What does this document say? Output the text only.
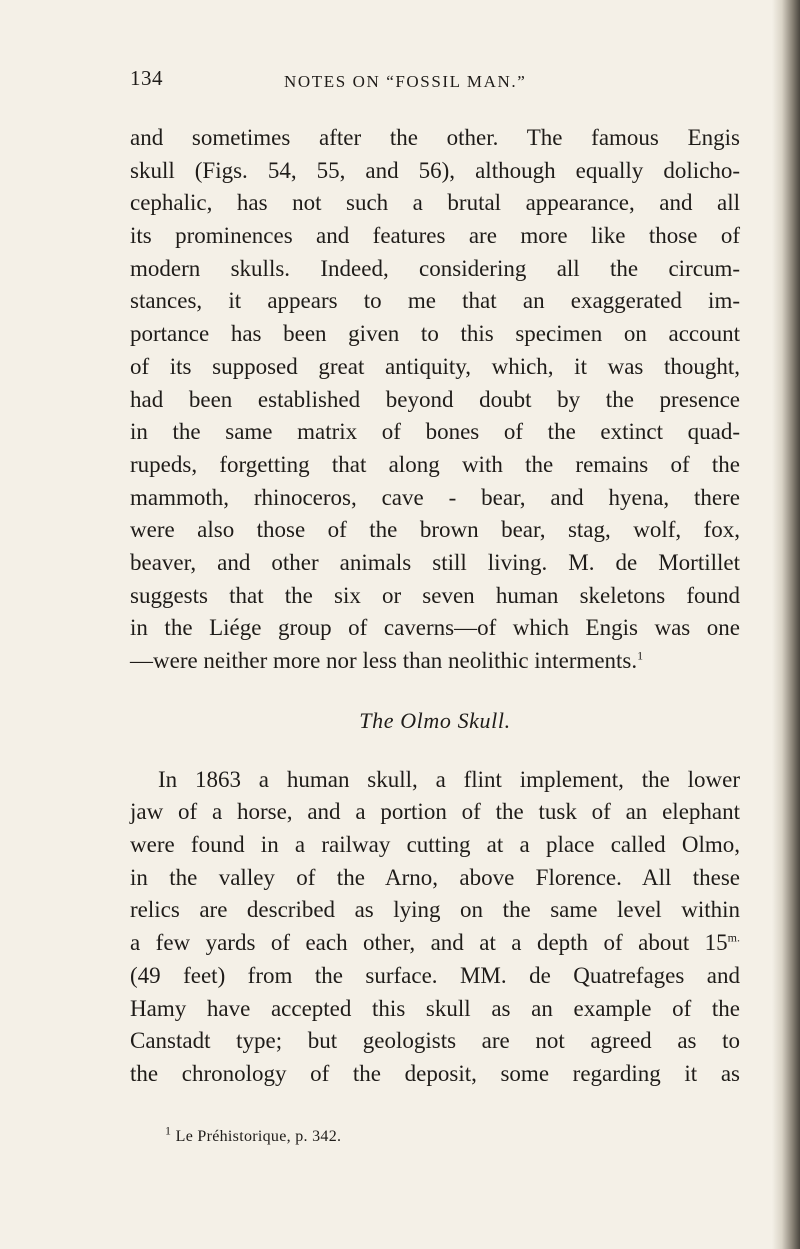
134	NOTES ON “FOSSIL MAN.”
and sometimes after the other. The famous Engis
skull (Figs. 54, 55, and 56), although equally dolicho-
cephalic, has not such a brutal appearance, and all
its prominences and features are more like those of
modern skulls. Indeed, considering all the circum-
stances, it appears to me that an exaggerated im-
portance has been given to this specimen on account
of its supposed great antiquity, which, it was thought,
had been established beyond doubt by the presence
in the same matrix of bones of the extinct quad-
rupeds, forgetting that along with the remains of the
mammoth, rhinoceros, cave - bear, and hyena, there
were also those of the brown bear, stag, wolf, fox,
beaver, and other animals still living. M. de Mortillet
suggests that the six or seven human skeletons found
in the Liége group of caverns—of which Engis was one
—were neither more nor less than neolithic interments.$^1$
The Olmo Skull.
In 1863 a human skull, a flint implement, the lower
jaw of a horse, and a portion of the tusk of an elephant
were found in a railway cutting at a place called Olmo,
in the valley of the Arno, above Florence. All these
relics are described as lying on the same level within
a few yards of each other, and at a depth of about $15^{m.}$
(49 feet) from the surface. MM. de Quatrefages and
Hamy have accepted this skull as an example of the
Canstadt type; but geologists are not agreed as to
the chronology of the deposit, some regarding it as
$^1$ Le Préhistorique, p. 342.
